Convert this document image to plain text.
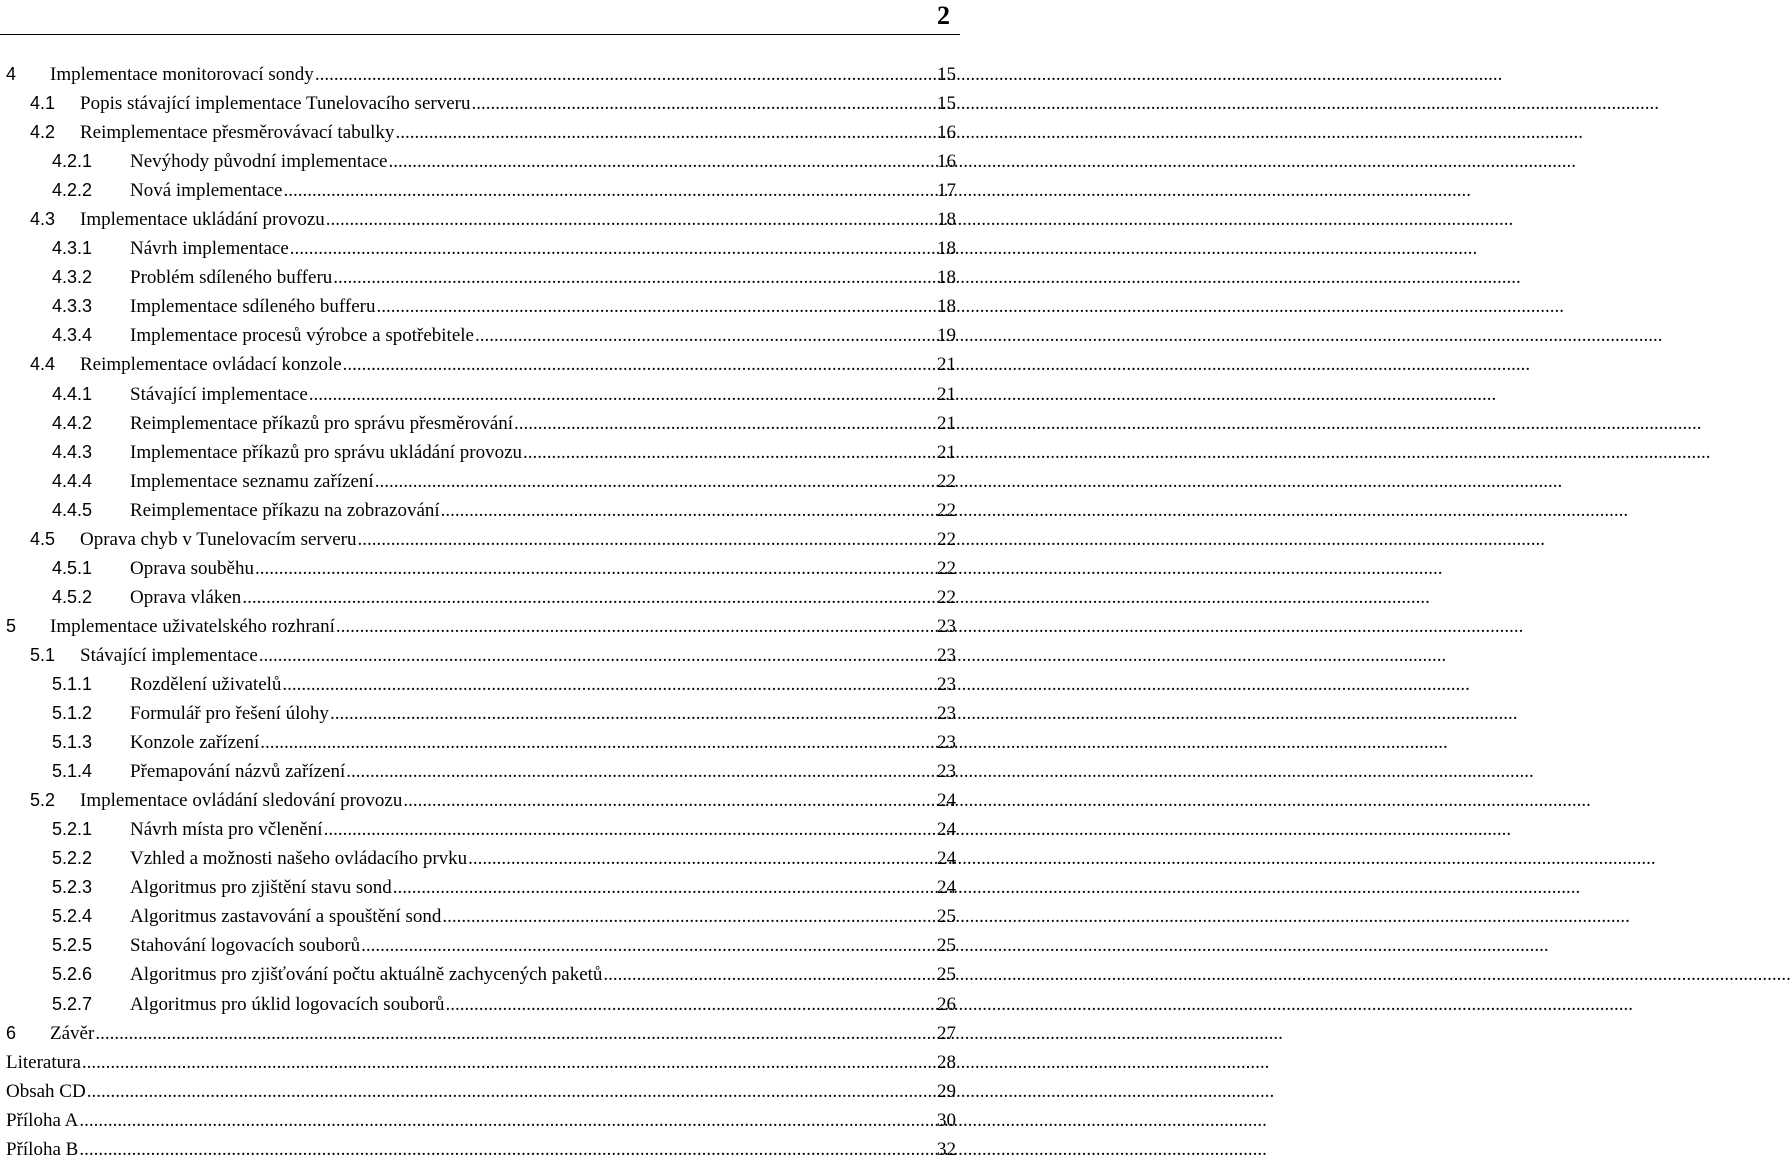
2
4	Implementace monitorovací sondy .....	15
4.1	Popis stávající implementace Tunelovacího serveru .....	15
4.2	Reimplementace přesměrovávací tabulky .....	16
4.2.1	Nevýhody původní implementace .....	16
4.2.2	Nová implementace .....	17
4.3	Implementace ukládání provozu .....	18
4.3.1	Návrh implementace .....	18
4.3.2	Problém sdíleného bufferu .....	18
4.3.3	Implementace sdíleného bufferu .....	18
4.3.4	Implementace procesů výrobce a spotřebitele .....	19
4.4	Reimplementace ovládací konzole .....	21
4.4.1	Stávající implementace .....	21
4.4.2	Reimplementace příkazů pro správu přesměrování .....	21
4.4.3	Implementace příkazů pro správu ukládání provozu .....	21
4.4.4	Implementace seznamu zařízení .....	22
4.4.5	Reimplementace příkazu na zobrazování .....	22
4.5	Oprava chyb v Tunelovacím serveru .....	22
4.5.1	Oprava souběhu .....	22
4.5.2	Oprava vláken .....	22
5	Implementace uživatelského rozhraní .....	23
5.1	Stávající implementace .....	23
5.1.1	Rozdělení uživatelů .....	23
5.1.2	Formulář pro řešení úlohy .....	23
5.1.3	Konzole zařízení .....	23
5.1.4	Přemapování názvů zařízení .....	23
5.2	Implementace ovládání sledování provozu .....	24
5.2.1	Návrh místa pro včlenění .....	24
5.2.2	Vzhled a možnosti našeho ovládacího prvku .....	24
5.2.3	Algoritmus pro zjištění stavu sond .....	24
5.2.4	Algoritmus zastavování a spouštění sond .....	25
5.2.5	Stahování logovacích souborů .....	25
5.2.6	Algoritmus pro zjišťování počtu aktuálně zachycených paketů .....	25
5.2.7	Algoritmus pro úklid logovacích souborů .....	26
6	Závěr .....	27
Literatura .....	28
Obsah CD .....	29
Příloha A .....	30
Příloha B .....	32
